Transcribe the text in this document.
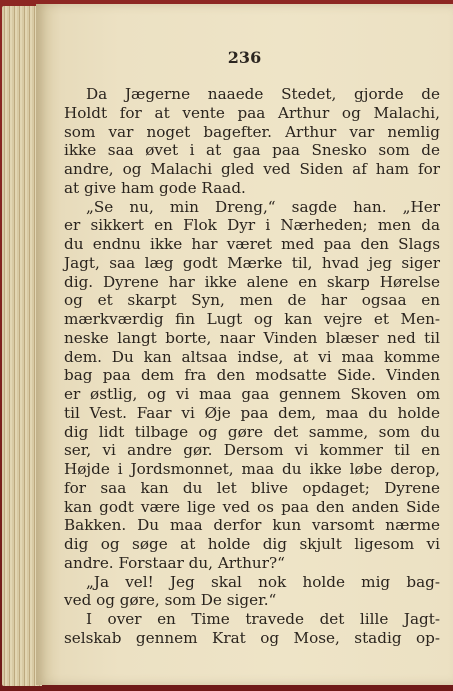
236
Da Jægerne naaede Stedet, gjorde de
Holdt for at vente paa Arthur og Malachi,
som var noget bagefter. Arthur var nemlig
ikke saa øvet i at gaa paa Snesko som de
andre, og Malachi gled ved Siden af ham for
at give ham gode Raad.
„Se nu, min Dreng,“ sagde han. „Her
er sikkert en Flok Dyr i Nærheden; men da
du endnu ikke har været med paa den Slags
Jagt, saa læg godt Mærke til, hvad jeg siger
dig. Dyrene har ikke alene en skarp Hørelse
og et skarpt Syn, men de har ogsaa en
mærkværdig fin Lugt og kan vejre et Men-
neske langt borte, naar Vinden blæser ned til
dem. Du kan altsaa indse, at vi maa komme
bag paa dem fra den modsatte Side. Vinden
er østlig, og vi maa gaa gennem Skoven om
til Vest. Faar vi Øje paa dem, maa du holde
dig lidt tilbage og gøre det samme, som du
ser, vi andre gør. Dersom vi kommer til en
Højde i Jordsmonnet, maa du ikke løbe derop,
for saa kan du let blive opdaget; Dyrene
kan godt være lige ved os paa den anden Side
Bakken. Du maa derfor kun varsomt nærme
dig og søge at holde dig skjult ligesom vi
andre. Forstaar du, Arthur?“
„Ja vel! Jeg skal nok holde mig bag-
ved og gøre, som De siger.“
I over en Time travede det lille Jagt-
selskab gennem Krat og Mose, stadig op-
